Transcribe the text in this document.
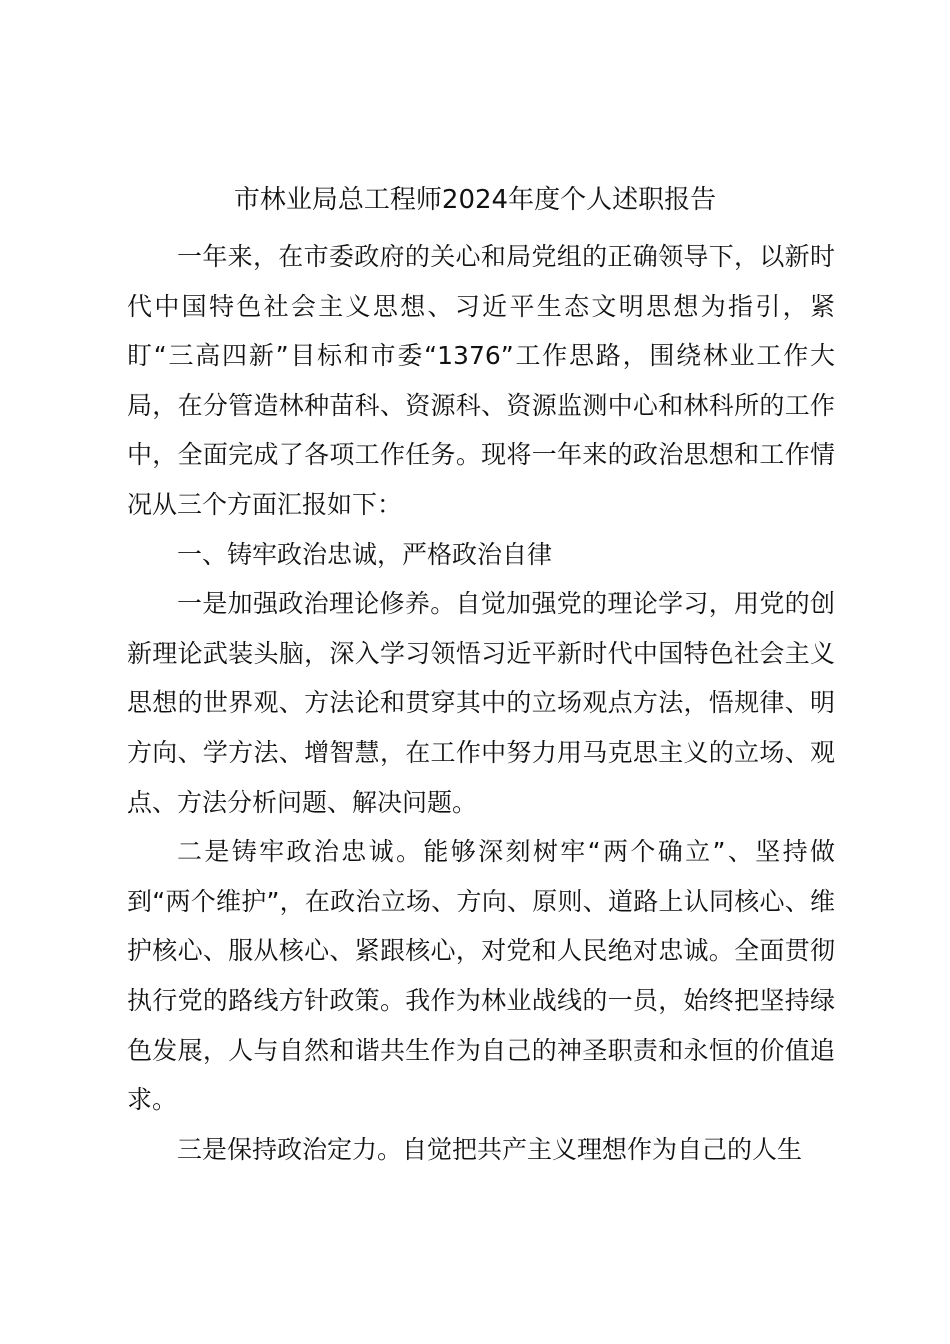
市林业局总工程师2024年度个人述职报告

一年来，在市委政府的关心和局党组的正确领导下，以新时代中国特色社会主义思想、习近平生态文明思想为指引，紧盯“三高四新”目标和市委“1376”工作思路，围绕林业工作大局，在分管造林种苗科、资源科、资源监测中心和林科所的工作中，全面完成了各项工作任务。现将一年来的政治思想和工作情况从三个方面汇报如下：

一、铸牢政治忠诚，严格政治自律

一是加强政治理论修养。自觉加强党的理论学习，用党的创新理论武装头脑，深入学习领悟习近平新时代中国特色社会主义思想的世界观、方法论和贯穿其中的立场观点方法，悟规律、明方向、学方法、增智慧，在工作中努力用马克思主义的立场、观点、方法分析问题、解决问题。

二是铸牢政治忠诚。能够深刻树牢“两个确立”、坚持做到“两个维护”，在政治立场、方向、原则、道路上认同核心、维护核心、服从核心、紧跟核心，对党和人民绝对忠诚。全面贯彻执行党的路线方针政策。我作为林业战线的一员，始终把坚持绿色发展，人与自然和谐共生作为自己的神圣职责和永恒的价值追求。

三是保持政治定力。自觉把共产主义理想作为自己的人生
